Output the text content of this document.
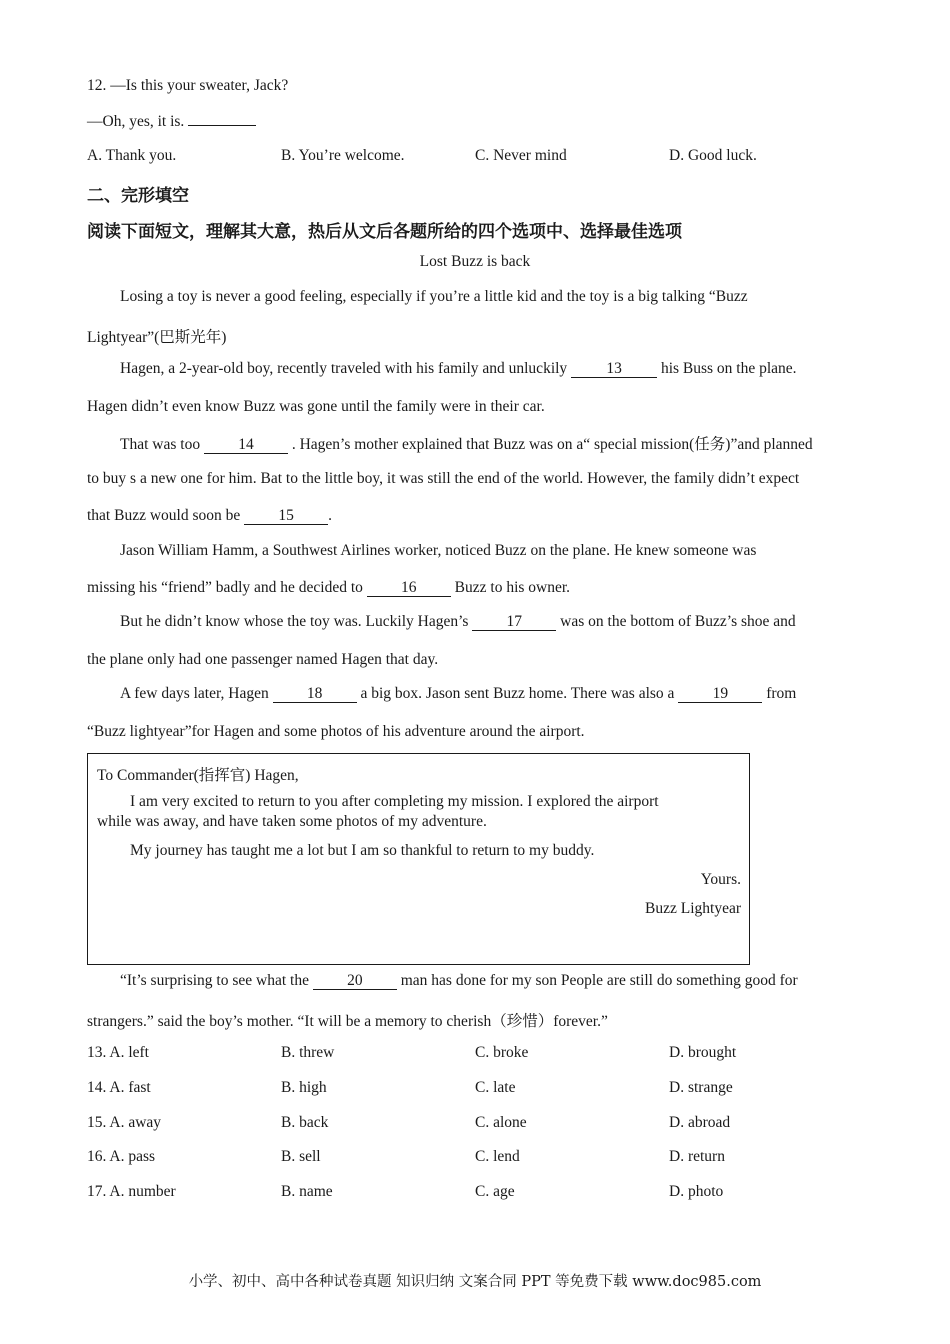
12. —Is this your sweater, Jack?
—Oh, yes, it is.
A. Thank you.	B. You’re welcome.	C. Never mind	D. Good luck.
二、完形填空
阅读下面短文，理解其大意，热后从文后各题所给的四个选项中、选择最佳选项
Lost Buzz is back
Losing a toy is never a good feeling, especially if you’re a little kid and the toy is a big talking “Buzz
Lightyear”(巴斯光年)
Hagen, a 2-year-old boy, recently traveled with his family and unluckily 13 his Buss on the plane.
Hagen didn’t even know Buzz was gone until the family were in their car.
That was too 14 . Hagen’s mother explained that Buzz was on a“ special mission(任务)”and planned
to buy s a new one for him. Bat to the little boy, it was still the end of the world. However, the family didn’t expect
that Buzz would soon be 15 .
Jason William Hamm, a Southwest Airlines worker, noticed Buzz on the plane. He knew someone was
missing his “friend” badly and he decided to 16 Buzz to his owner.
But he didn’t know whose the toy was. Luckily Hagen’s 17 was on the bottom of Buzz’s shoe and
the plane only had one passenger named Hagen that day.
A few days later, Hagen 18 a big box. Jason sent Buzz home. There was also a 19 from
“Buzz lightyear”for Hagen and some photos of his adventure around the airport.
To Commander(指挥官) Hagen,
I am very excited to return to you after completing my mission. I explored the airport
while was away, and have taken some photos of my adventure.
My journey has taught me a lot but I am so thankful to return to my buddy.
Yours.
Buzz Lightyear
“It’s surprising to see what the 20 man has done for my son People are still do something good for
strangers.” said the boy’s mother. “It will be a memory to cherish（珍惜）forever.”
13. A. left	B. threw	C. broke	D. brought
14. A. fast	B. high	C. late	D. strange
15. A. away	B. back	C. alone	D. abroad
16. A. pass	B. sell	C. lend	D. return
17. A. number	B. name	C. age	D. photo
小学、初中、高中各种试卷真题 知识归纳 文案合同 PPT 等免费下载 www.doc985.com
